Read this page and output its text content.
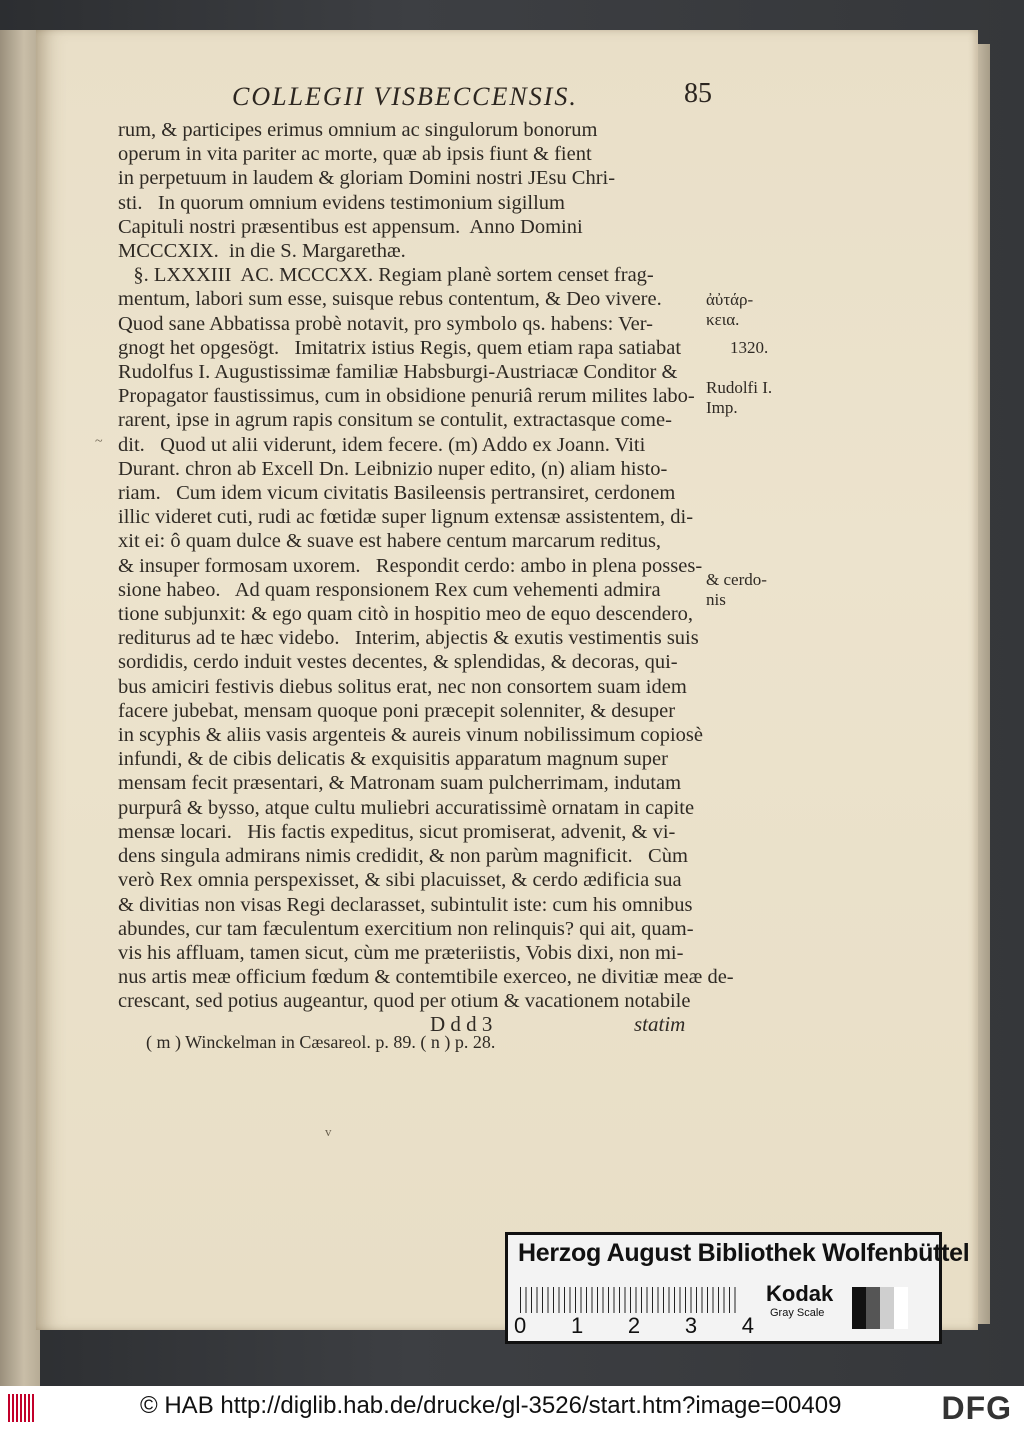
COLLEGII VISBECCENSIS.	85

rum, & participes erimus omnium ac singulorum bonorum

operum in vita pariter ac morte, quæ ab ipsis fiunt & fient

in perpetuum in laudem & gloriam Domini nostri JEsu Chri-

sti.   In quorum omnium evidens testimonium sigillum

Capituli nostri præsentibus est appensum.  Anno Domini

MCCCXIX.  in die S. Margarethæ.

§. LXXXIII  AC. MCCCXX. Regiam planè sortem censet frag-

mentum, labori sum esse, suisque rebus contentum, & Deo vivere.

Quod sane Abbatissa probè notavit, pro symbolo qs. habens: Ver-

gnogt het opgesögt.   Imitatrix istius Regis, quem etiam rapa satiabat

Rudolfus I. Augustissimæ familiæ Habsburgi-Austriacæ Conditor &

Propagator faustissimus, cum in obsidione penuriâ rerum milites labo-

rarent, ipse in agrum rapis consitum se contulit, extractasque come-

dit.   Quod ut alii viderunt, idem fecere. (m) Addo ex Joann. Viti

Durant. chron ab Excell Dn. Leibnizio nuper edito, (n) aliam histo-

riam.   Cum idem vicum civitatis Basileensis pertransiret, cerdonem

illic videret cuti, rudi ac fœtidæ super lignum extensæ assistentem, di-

xit ei: ô quam dulce & suave est habere centum marcarum reditus,

& insuper formosam uxorem.   Respondit cerdo: ambo in plena posses-

sione habeo.   Ad quam responsionem Rex cum vehementi admira

tione subjunxit: & ego quam citò in hospitio meo de equo descendero,

rediturus ad te hæc videbo.   Interim, abjectis & exutis vestimentis suis

sordidis, cerdo induit vestes decentes, & splendidas, & decoras, qui-

bus amiciri festivis diebus solitus erat, nec non consortem suam idem

facere jubebat, mensam quoque poni præcepit solenniter, & desuper

in scyphis & aliis vasis argenteis & aureis vinum nobilissimum copiosè

infundi, & de cibis delicatis & exquisitis apparatum magnum super

mensam fecit præsentari, & Matronam suam pulcherrimam, indutam

purpurâ & bysso, atque cultu muliebri accuratissimè ornatam in capite

mensæ locari.   His factis expeditus, sicut promiserat, advenit, & vi-

dens singula admirans nimis credidit, & non parùm magnificit.   Cùm

verò Rex omnia perspexisset, & sibi placuisset, & cerdo ædificia sua

& divitias non visas Regi declarasset, subintulit iste: cum his omnibus

abundes, cur tam fæculentum exercitium non relinquis? qui ait, quam-

vis his affluam, tamen sicut, cùm me præteriistis, Vobis dixi, non mi-

nus artis meæ officium fœdum & contemtibile exerceo, ne divitiæ meæ de-

crescant, sed potius augeantur, quod per otium & vacationem notabile

ἀὐτάρ-
κεια.
1320.
Rudolfi I.
Imp.
& cerdo-
nis
~
v
D d d 3	statim
( m ) Winckelman in Cæsareol. p. 89. ( n ) p. 28.
Herzog August Bibliothek Wolfenbüttel
0 1 2 3 4
Kodak
Gray Scale
© HAB http://diglib.hab.de/drucke/gl-3526/start.htm?image=00409	DFG
